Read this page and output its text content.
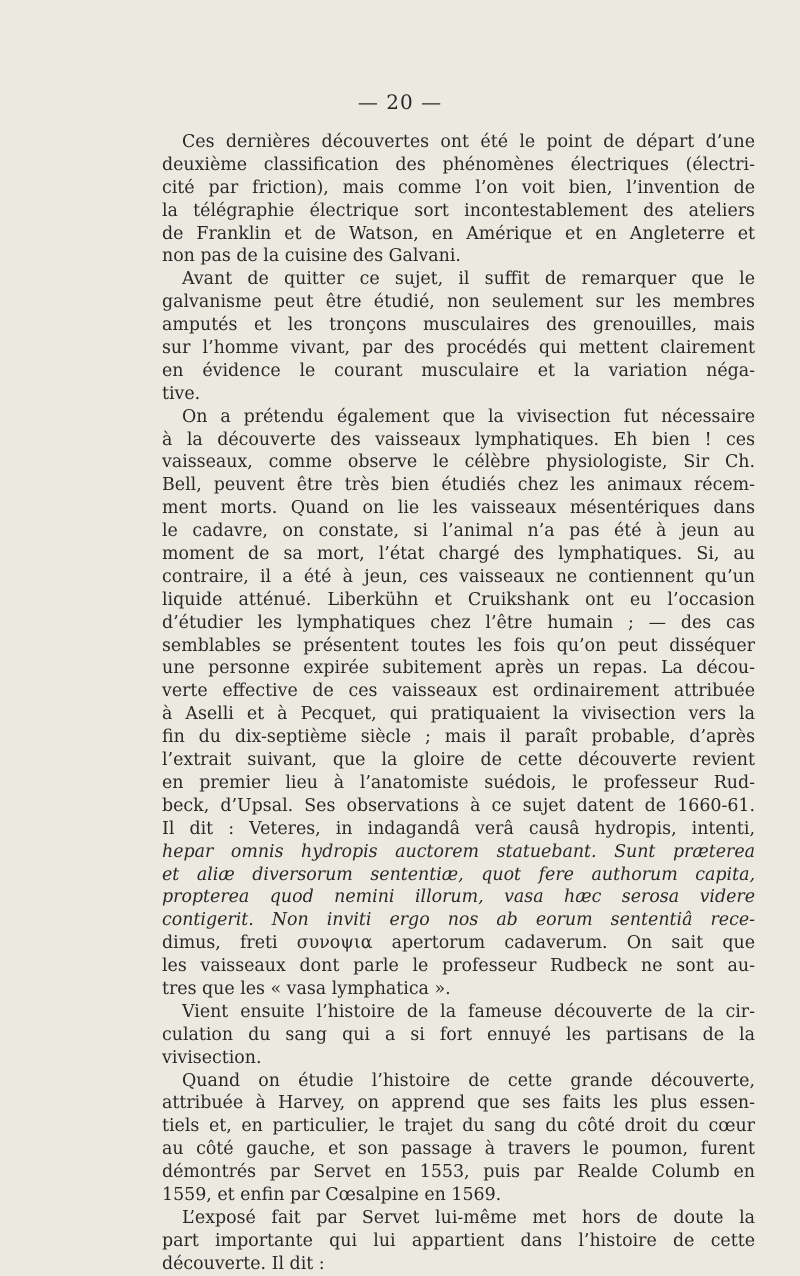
— 20 —
Ces dernières découvertes ont été le point de départ d’une
deuxième classification des phénomènes électriques (électri-
cité par friction), mais comme l’on voit bien, l’invention de
la télégraphie électrique sort incontestablement des ateliers
de Franklin et de Watson, en Amérique et en Angleterre et
non pas de la cuisine des Galvani.
Avant de quitter ce sujet, il suffit de remarquer que le
galvanisme peut être étudié, non seulement sur les membres
amputés et les tronçons musculaires des grenouilles, mais
sur l’homme vivant, par des procédés qui mettent clairement
en évidence le courant musculaire et la variation néga-
tive.
On a prétendu également que la vivisection fut nécessaire
à la découverte des vaisseaux lymphatiques. Eh bien ! ces
vaisseaux, comme observe le célèbre physiologiste, Sir Ch.
Bell, peuvent être très bien étudiés chez les animaux récem-
ment morts. Quand on lie les vaisseaux mésentériques dans
le cadavre, on constate, si l’animal n’a pas été à jeun au
moment de sa mort, l’état chargé des lymphatiques. Si, au
contraire, il a été à jeun, ces vaisseaux ne contiennent qu’un
liquide atténué. Liberkühn et Cruikshank ont eu l’occasion
d’étudier les lymphatiques chez l’être humain ; — des cas
semblables se présentent toutes les fois qu’on peut disséquer
une personne expirée subitement après un repas. La décou-
verte effective de ces vaisseaux est ordinairement attribuée
à Aselli et à Pecquet, qui pratiquaient la vivisection vers la
fin du dix-septième siècle ; mais il paraît probable, d’après
l’extrait suivant, que la gloire de cette découverte revient
en premier lieu à l’anatomiste suédois, le professeur Rud-
beck, d’Upsal. Ses observations à ce sujet datent de 1660-61.
Il dit : Veteres, in indagandâ verâ causâ hydropis, intenti,
hepar omnis hydropis auctorem statuebant. Sunt præterea
et aliæ diversorum sententiæ, quot fere authorum capita,
propterea quod nemini illorum, vasa hæc serosa videre
contigerit. Non inviti ergo nos ab eorum sententiâ rece-
dimus, freti συνοψια apertorum cadaverum. On sait que
les vaisseaux dont parle le professeur Rudbeck ne sont au-
tres que les « vasa lymphatica ».
Vient ensuite l’histoire de la fameuse découverte de la cir-
culation du sang qui a si fort ennuyé les partisans de la
vivisection.
Quand on étudie l’histoire de cette grande découverte,
attribuée à Harvey, on apprend que ses faits les plus essen-
tiels et, en particulier, le trajet du sang du côté droit du cœur
au côté gauche, et son passage à travers le poumon, furent
démontrés par Servet en 1553, puis par Realde Columb en
1559, et enfin par Cœsalpine en 1569.
L’exposé fait par Servet lui-même met hors de doute la
part importante qui lui appartient dans l’histoire de cette
découverte. Il dit :
